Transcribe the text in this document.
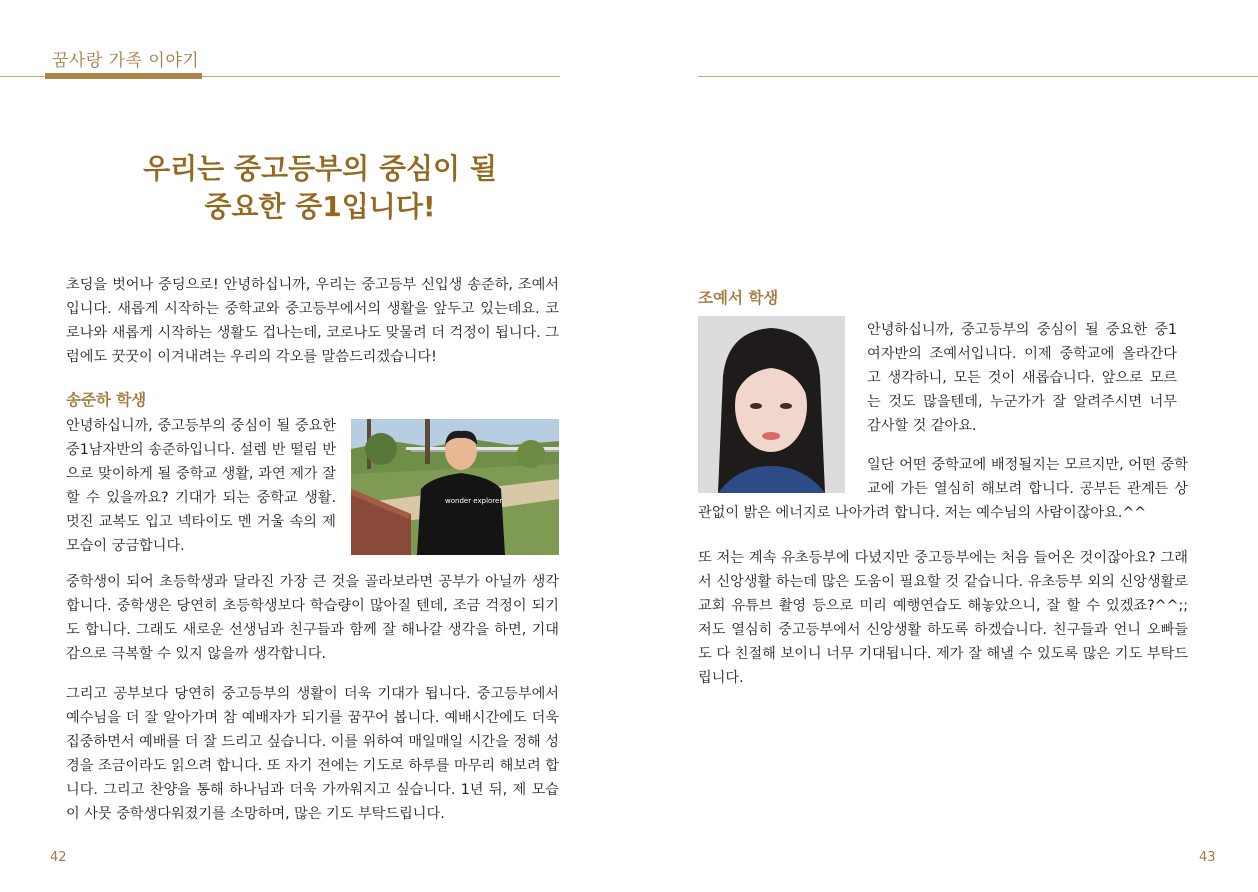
꿈사랑 가족 이야기
우리는 중고등부의 중심이 될
중요한 중1입니다!

초딩을 벗어나 중딩으로! 안녕하십니까, 우리는 중고등부 신입생 송준하, 조예서 입니다. 새롭게 시작하는 중학교와 중고등부에서의 생활을 앞두고 있는데요. 코로나와 새롭게 시작하는 생활도 겁나는데, 코로나도 맞물려 더 걱정이 됩니다. 그럼에도 꿋꿋이 이겨내려는 우리의 각오를 말씀드리겠습니다!

송준하 학생

안녕하십니까, 중고등부의 중심이 될 중요한 중1남자반의 송준하입니다. 설렘 반 떨림 반으로 맞이하게 될 중학교 생활, 과연 제가 잘 할 수 있을까요? 기대가 되는 중학교 생활. 멋진 교복도 입고 넥타이도 멘 거울 속의 제 모습이 궁금합니다.

wonder explorer

중학생이 되어 초등학생과 달라진 가장 큰 것을 골라보라면 공부가 아닐까 생각합니다. 중학생은 당연히 초등학생보다 학습량이 많아질 텐데, 조금 걱정이 되기도 합니다. 그래도 새로운 선생님과 친구들과 함께 잘 해나갈 생각을 하면, 기대감으로 극복할 수 있지 않을까 생각합니다.

그리고 공부보다 당연히 중고등부의 생활이 더욱 기대가 됩니다. 중고등부에서 예수님을 더 잘 알아가며 참 예배자가 되기를 꿈꾸어 봅니다. 예배시간에도 더욱 집중하면서 예배를 더 잘 드리고 싶습니다. 이를 위하여 매일매일 시간을 정해 성경을 조금이라도 읽으려 합니다. 또 자기 전에는 기도로 하루를 마무리 해보려 합니다. 그리고 찬양을 통해 하나님과 더욱 가까워지고 싶습니다. 1년 뒤, 제 모습이 사뭇 중학생다워졌기를 소망하며, 많은 기도 부탁드립니다.

42
조예서 학생

안녕하십니까, 중고등부의 중심이 될 중요한 중1 여자반의 조예서입니다. 이제 중학교에 올라간다고 생각하니, 모든 것이 새롭습니다. 앞으로 모르는 것도 많을텐데, 누군가가 잘 알려주시면 너무 감사할 것 같아요.

일단 어떤 중학교에 배정될지는 모르지만, 어떤 중학교에 가든 열심히 해보려 합니다. 공부든 관계든 상관없이 밝은 에너지로 나아가려 합니다. 저는 예수님의 사람이잖아요.^^

또 저는 계속 유초등부에 다녔지만 중고등부에는 처음 들어온 것이잖아요? 그래서 신앙생활 하는데 많은 도움이 필요할 것 같습니다. 유초등부 외의 신앙생활로 교회 유튜브 촬영 등으로 미리 예행연습도 해놓았으니, 잘 할 수 있겠죠?^^;; 저도 열심히 중고등부에서 신앙생활 하도록 하겠습니다. 친구들과 언니 오빠들도 다 친절해 보이니 너무 기대됩니다. 제가 잘 해낼 수 있도록 많은 기도 부탁드립니다.

43
